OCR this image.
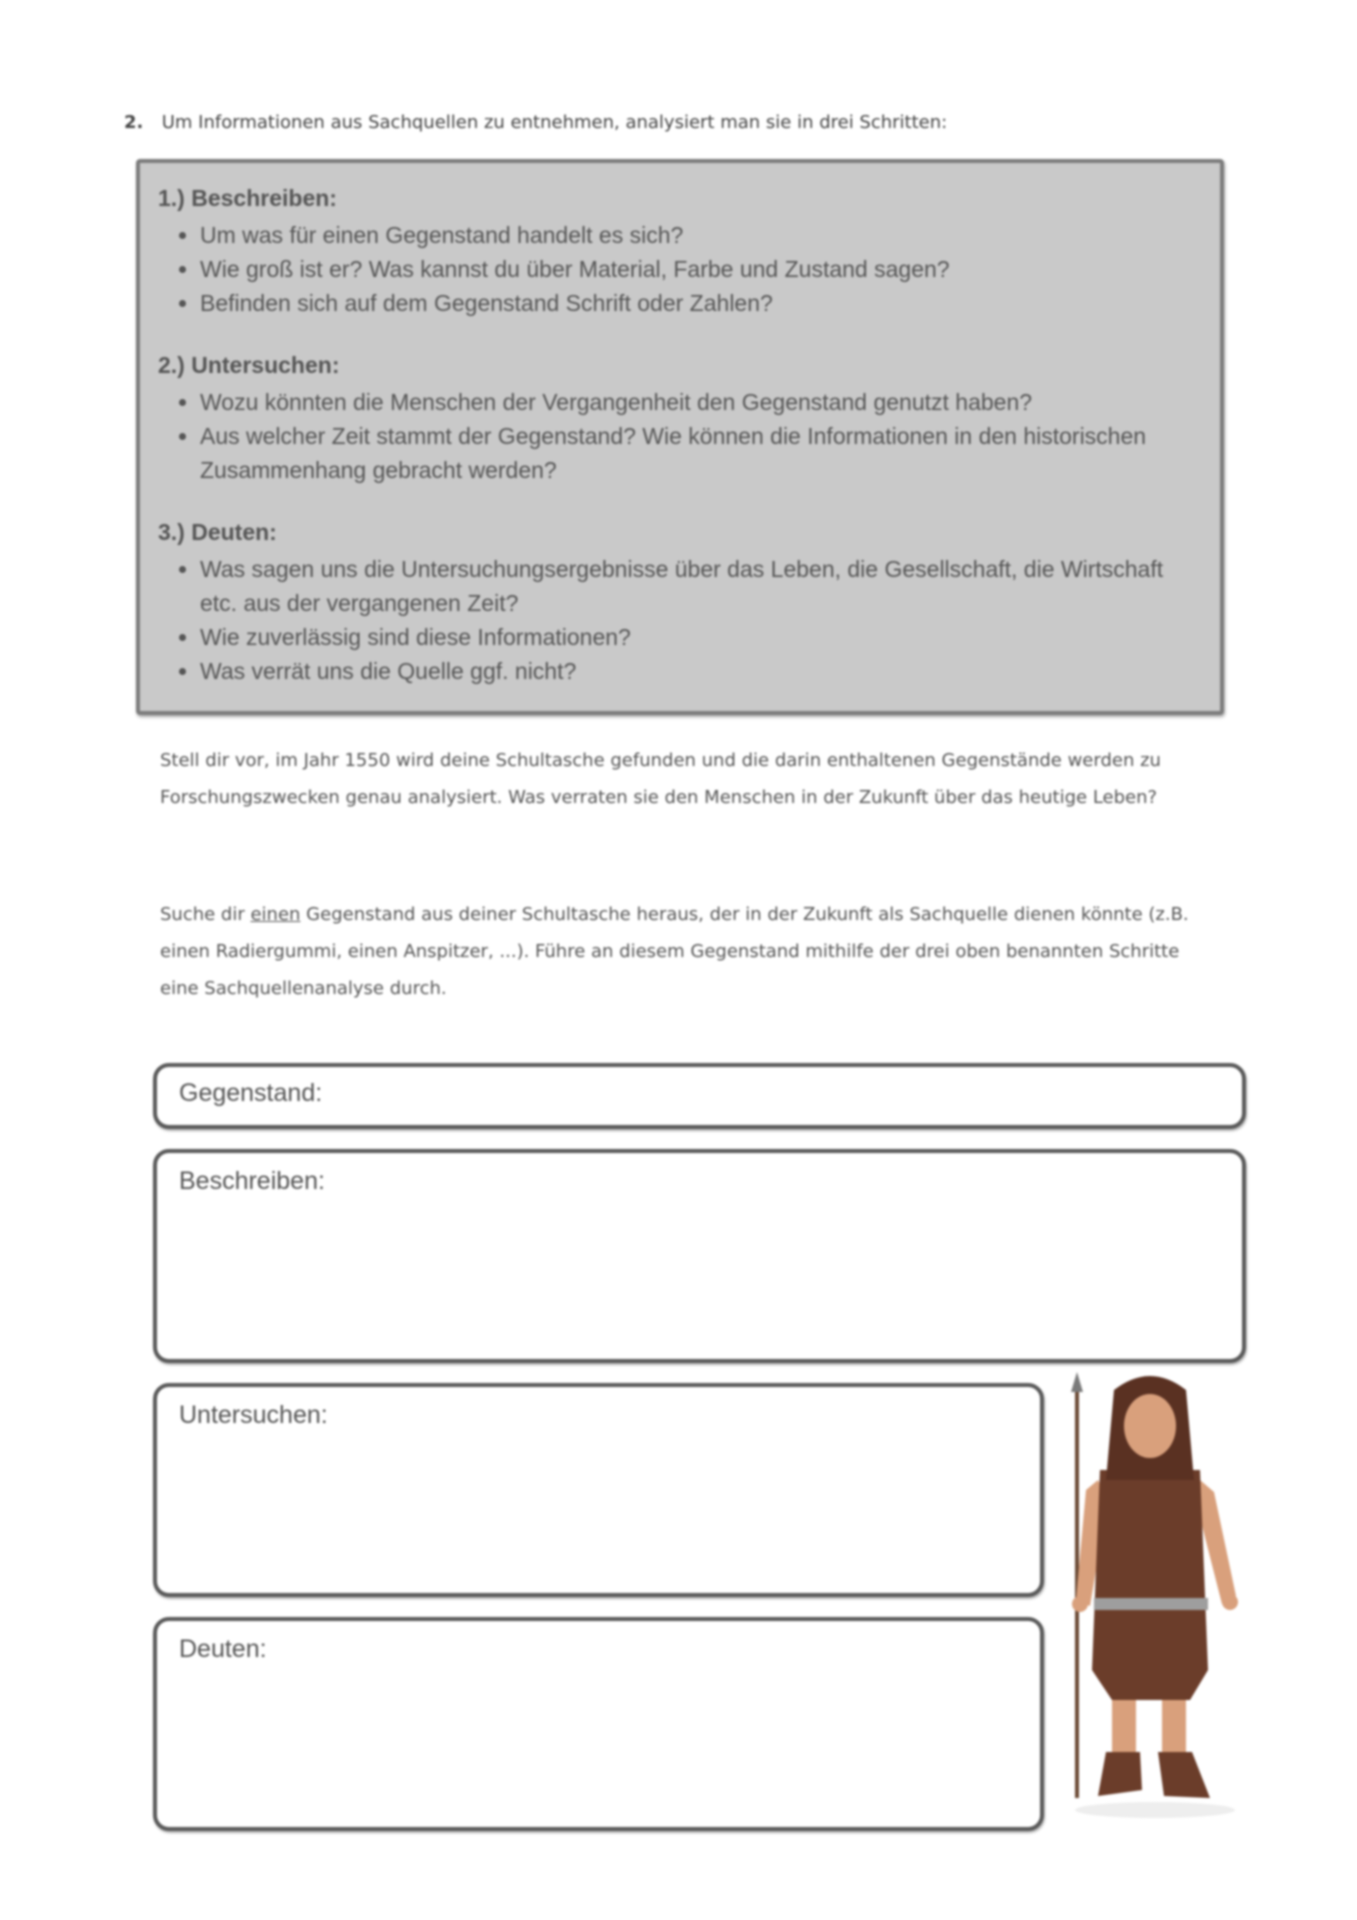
2. Um Informationen aus Sachquellen zu entnehmen, analysiert man sie in drei Schritten:
1.) Beschreiben:
• Um was für einen Gegenstand handelt es sich?
• Wie groß ist er? Was kannst du über Material, Farbe und Zustand sagen?
• Befinden sich auf dem Gegenstand Schrift oder Zahlen?
2.) Untersuchen:
• Wozu könnten die Menschen der Vergangenheit den Gegenstand genutzt haben?
• Aus welcher Zeit stammt der Gegenstand? Wie können die Informationen in den historischen Zusammenhang gebracht werden?
3.) Deuten:
• Was sagen uns die Untersuchungsergebnisse über das Leben, die Gesellschaft, die Wirtschaft etc. aus der vergangenen Zeit?
• Wie zuverlässig sind diese Informationen?
• Was verrät uns die Quelle ggf. nicht?

Stell dir vor, im Jahr 1550 wird deine Schultasche gefunden und die darin enthaltenen Gegenstände werden zu Forschungszwecken genau analysiert. Was verraten sie den Menschen in der Zukunft über das heutige Leben?

Suche dir einen Gegenstand aus deiner Schultasche heraus, der in der Zukunft als Sachquelle dienen könnte (z.B. einen Radiergummi, einen Anspitzer, ...). Führe an diesem Gegenstand mithilfe der drei oben benannten Schritte eine Sachquellenanalyse durch.

Gegenstand:
Beschreiben:
Untersuchen:
Deuten:
